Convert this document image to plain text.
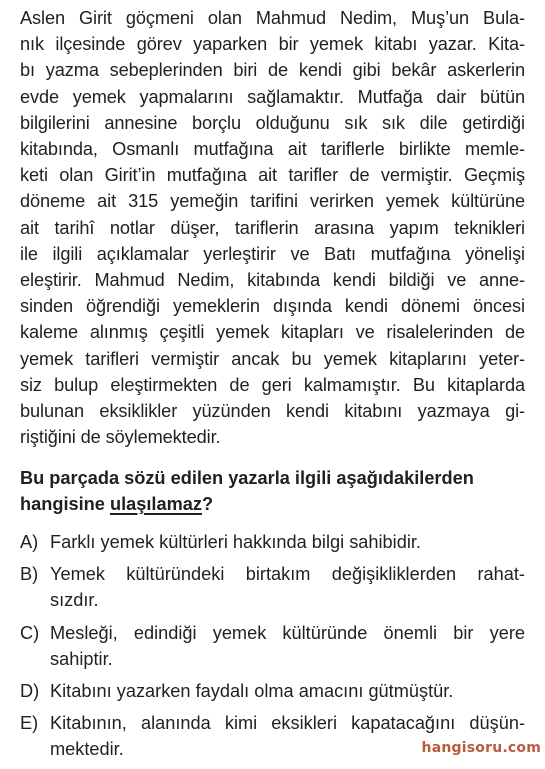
Aslen Girit göçmeni olan Mahmud Nedim, Muş’un Bula-
nık ilçesinde görev yaparken bir yemek kitabı yazar. Kita-
bı yazma sebeplerinden biri de kendi gibi bekâr askerlerin
evde yemek yapmalarını sağlamaktır. Mutfağa dair bütün
bilgilerini annesine borçlu olduğunu sık sık dile getirdiği
kitabında, Osmanlı mutfağına ait tariflerle birlikte memle-
keti olan Girit’in mutfağına ait tarifler de vermiştir. Geçmiş
döneme ait 315 yemeğin tarifini verirken yemek kültürüne
ait tarihî notlar düşer, tariflerin arasına yapım teknikleri
ile ilgili açıklamalar yerleştirir ve Batı mutfağına yönelişi
eleştirir. Mahmud Nedim, kitabında kendi bildiği ve anne-
sinden öğrendiği yemeklerin dışında kendi dönemi öncesi
kaleme alınmış çeşitli yemek kitapları ve risalelerinden de
yemek tarifleri vermiştir ancak bu yemek kitaplarını yeter-
siz bulup eleştirmekten de geri kalmamıştır. Bu kitaplarda
bulunan eksiklikler yüzünden kendi kitabını yazmaya gi-
riştiğini de söylemektedir.
Bu parçada sözü edilen yazarla ilgili aşağıdakilerden
hangisine ulaşılamaz?
A) Farklı yemek kültürleri hakkında bilgi sahibidir.
B) Yemek kültüründeki birtakım değişikliklerden rahat-
sızdır.
C) Mesleği, edindiği yemek kültüründe önemli bir yere
sahiptir.
D) Kitabını yazarken faydalı olma amacını gütmüştür.
E) Kitabının, alanında kimi eksikleri kapatacağını düşün-
mektedir.	hangisoru.com
